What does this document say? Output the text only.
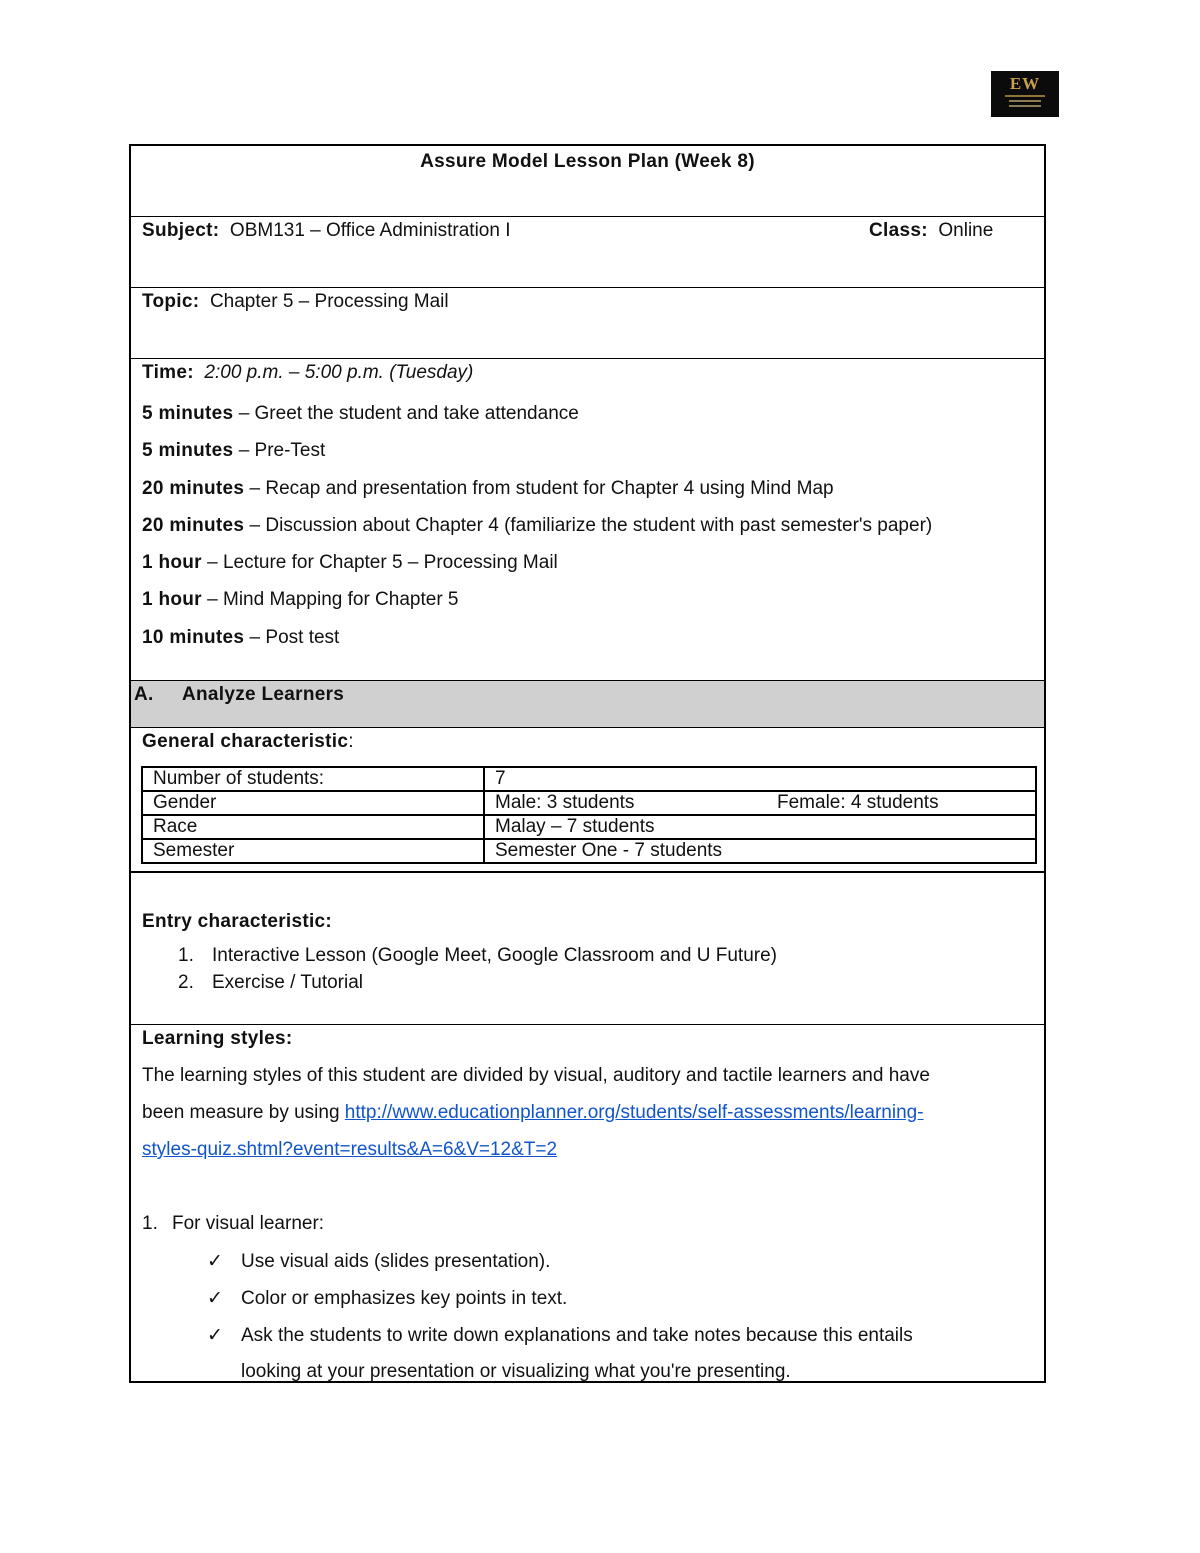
EW
Assure Model Lesson Plan (Week 8)
Subject: OBM131 – Office Administration I	Class: Online
Topic: Chapter 5 – Processing Mail
Time: 2:00 p.m. – 5:00 p.m. (Tuesday)
5 minutes – Greet the student and take attendance
5 minutes – Pre-Test
20 minutes – Recap and presentation from student for Chapter 4 using Mind Map
20 minutes – Discussion about Chapter 4 (familiarize the student with past semester's paper)
1 hour – Lecture for Chapter 5 – Processing Mail
1 hour – Mind Mapping for Chapter 5
10 minutes – Post test
A. Analyze Learners
General characteristic:
Number of students:	7	
Gender	Male: 3 students	Female: 4 students
Race	Malay – 7 students	
Semester	Semester One - 7 students	
Entry characteristic:
1. Interactive Lesson (Google Meet, Google Classroom and U Future)
2. Exercise / Tutorial
Learning styles:
The learning styles of this student are divided by visual, auditory and tactile learners and have
been measure by using http://www.educationplanner.org/students/self-assessments/learning-
styles-quiz.shtml?event=results&A=6&V=12&T=2
1. For visual learner:
✓ Use visual aids (slides presentation).
✓ Color or emphasizes key points in text.
✓ Ask the students to write down explanations and take notes because this entails
looking at your presentation or visualizing what you're presenting.
